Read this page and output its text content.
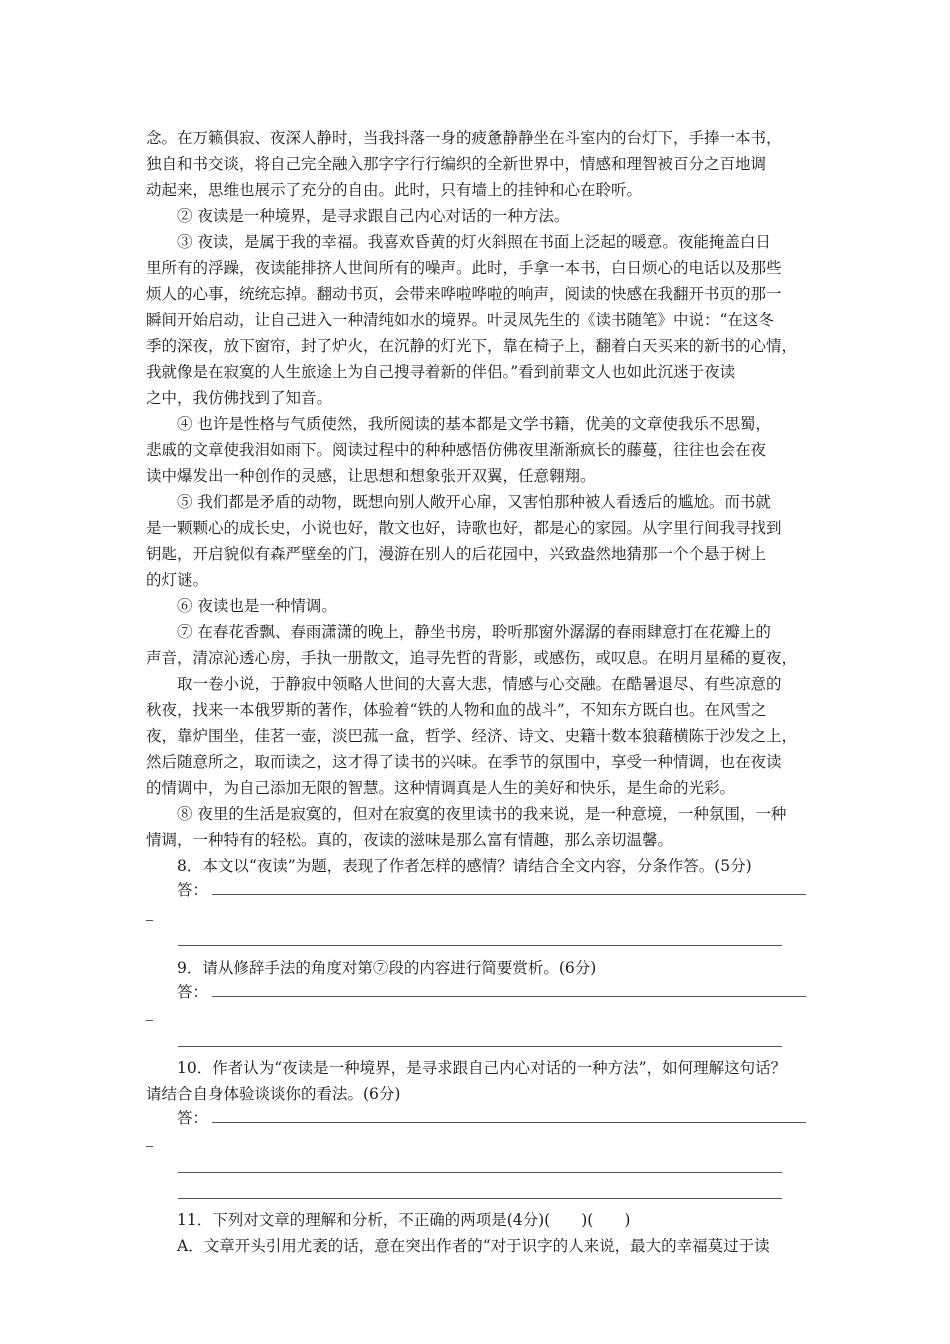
念。在万籁俱寂、夜深人静时，当我抖落一身的疲惫静静坐在斗室内的台灯下，手捧一本书，
独自和书交谈，将自己完全融入那字字行行编织的全新世界中，情感和理智被百分之百地调
动起来，思维也展示了充分的自由。此时，只有墙上的挂钟和心在聆听。
② 夜读是一种境界，是寻求跟自己内心对话的一种方法。
③ 夜读，是属于我的幸福。我喜欢昏黄的灯火斜照在书面上泛起的暖意。夜能掩盖白日
里所有的浮躁，夜读能排挤人世间所有的噪声。此时，手拿一本书，白日烦心的电话以及那些
烦人的心事，统统忘掉。翻动书页，会带来哗啦哗啦的响声，阅读的快感在我翻开书页的那一
瞬间开始启动，让自己进入一种清纯如水的境界。叶灵凤先生的《读书随笔》中说：“在这冬
季的深夜，放下窗帘，封了炉火，在沉静的灯光下，靠在椅子上，翻着白天买来的新书的心情，
我就像是在寂寞的人生旅途上为自己搜寻着新的伴侣。”看到前辈文人也如此沉迷于夜读
之中，我仿佛找到了知音。
④ 也许是性格与气质使然，我所阅读的基本都是文学书籍，优美的文章使我乐不思蜀，
悲戚的文章使我泪如雨下。阅读过程中的种种感悟仿佛夜里渐渐疯长的藤蔓，往往也会在夜
读中爆发出一种创作的灵感，让思想和想象张开双翼，任意翱翔。
⑤ 我们都是矛盾的动物，既想向别人敞开心扉，又害怕那种被人看透后的尴尬。而书就
是一颗颗心的成长史，小说也好，散文也好，诗歌也好，都是心的家园。从字里行间我寻找到
钥匙，开启貌似有森严壁垒的门，漫游在别人的后花园中，兴致盎然地猜那一个个悬于树上
的灯谜。
⑥ 夜读也是一种情调。
⑦ 在春花香飘、春雨潇潇的晚上，静坐书房，聆听那窗外潺潺的春雨肆意打在花瓣上的
声音，清凉沁透心房，手执一册散文，追寻先哲的背影，或感伤，或叹息。在明月星稀的夏夜，
取一卷小说，于静寂中领略人世间的大喜大悲，情感与心交融。在酷暑退尽、有些凉意的
秋夜，找来一本俄罗斯的著作，体验着“铁的人物和血的战斗”，不知东方既白也。在风雪之
夜，靠炉围坐，佳茗一壶，淡巴菰一盒，哲学、经济、诗文、史籍十数本狼藉横陈于沙发之上，
然后随意所之，取而读之，这才得了读书的兴味。在季节的氛围中，享受一种情调，也在夜读
的情调中，为自己添加无限的智慧。这种情调真是人生的美好和快乐，是生命的光彩。
⑧ 夜里的生活是寂寞的，但对在寂寞的夜里读书的我来说，是一种意境，一种氛围，一种
情调，一种特有的轻松。真的，夜读的滋味是那么富有情趣，那么亲切温馨。
8．本文以“夜读”为题，表现了作者怎样的感情？请结合全文内容，分条作答。(5分)
答：
9．请从修辞手法的角度对第⑦段的内容进行简要赏析。(6分)
答：
10．作者认为“夜读是一种境界，是寻求跟自己内心对话的一种方法”，如何理解这句话？
请结合自身体验谈谈你的看法。(6分)
答：
11．下列对文章的理解和分析，不正确的两项是(4分)(　　)(　　)
A．文章开头引用尤袤的话，意在突出作者的“对于识字的人来说，最大的幸福莫过于读
